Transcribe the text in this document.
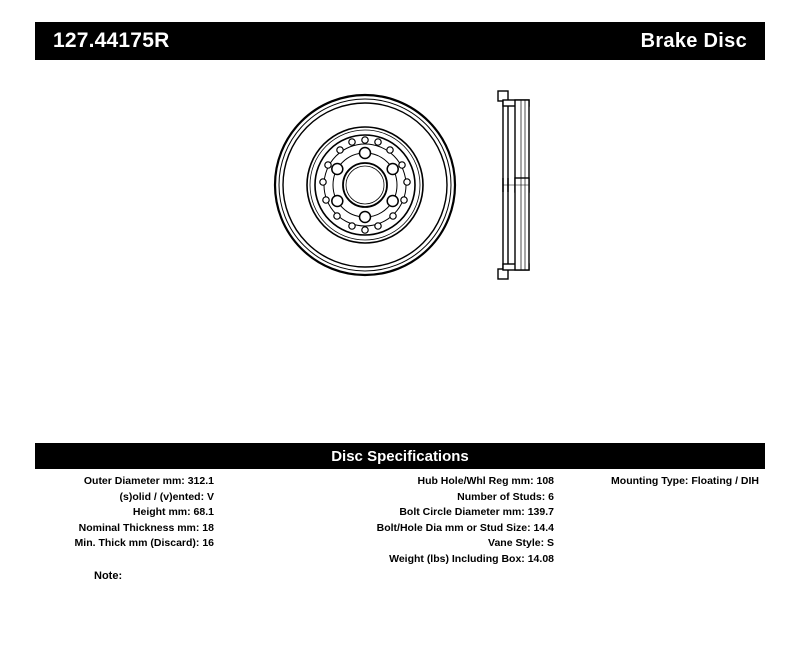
127.44175R	Brake Disc
Disc Specifications
Outer Diameter mm: 312.1
(s)olid / (v)ented: V
Height mm: 68.1
Nominal Thickness mm: 18
Min. Thick mm (Discard): 16
Hub Hole/Whl Reg mm: 108
Number of Studs: 6
Bolt Circle Diameter mm: 139.7
Bolt/Hole Dia mm or Stud Size: 14.4
Vane Style: S
Weight (lbs) Including Box: 14.08
Mounting Type: Floating / DIH
Note:
